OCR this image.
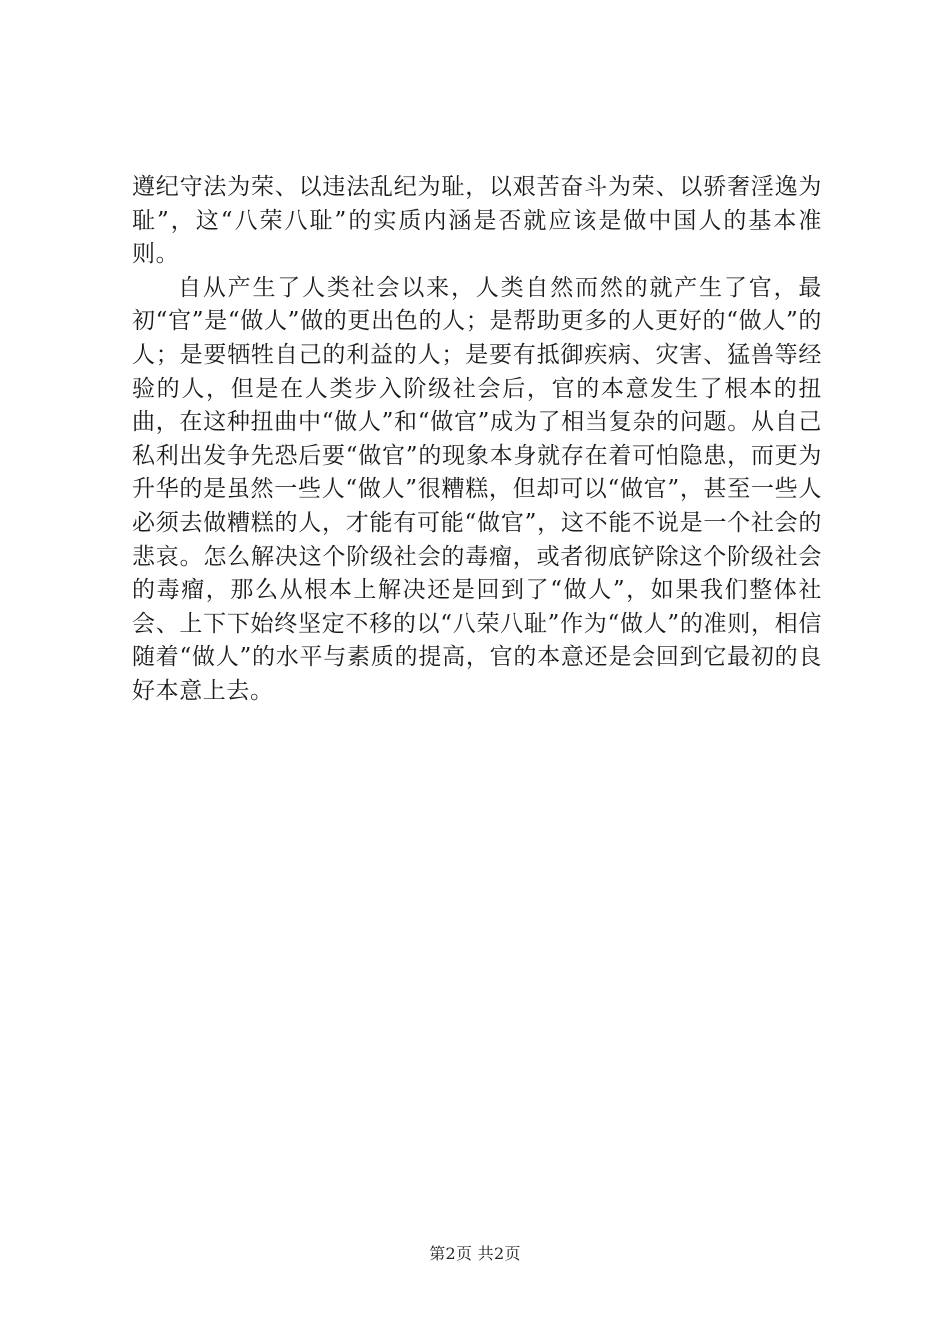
遵纪守法为荣、以违法乱纪为耻，以艰苦奋斗为荣、以骄奢淫逸为耻”，这“八荣八耻”的实质内涵是否就应该是做中国人的基本准则。

自从产生了人类社会以来，人类自然而然的就产生了官，最初“官”是“做人”做的更出色的人；是帮助更多的人更好的“做人”的人；是要牺牲自己的利益的人；是要有抵御疾病、灾害、猛兽等经验的人，但是在人类步入阶级社会后，官的本意发生了根本的扭曲，在这种扭曲中“做人”和“做官”成为了相当复杂的问题。从自己私利出发争先恐后要“做官”的现象本身就存在着可怕隐患，而更为升华的是虽然一些人“做人”很糟糕，但却可以“做官”，甚至一些人必须去做糟糕的人，才能有可能“做官”，这不能不说是一个社会的悲哀。怎么解决这个阶级社会的毒瘤，或者彻底铲除这个阶级社会的毒瘤，那么从根本上解决还是回到了“做人”，如果我们整体社会、上下下始终坚定不移的以“八荣八耻”作为“做人”的准则，相信随着“做人”的水平与素质的提高，官的本意还是会回到它最初的良好本意上去。

第2页 共2页
